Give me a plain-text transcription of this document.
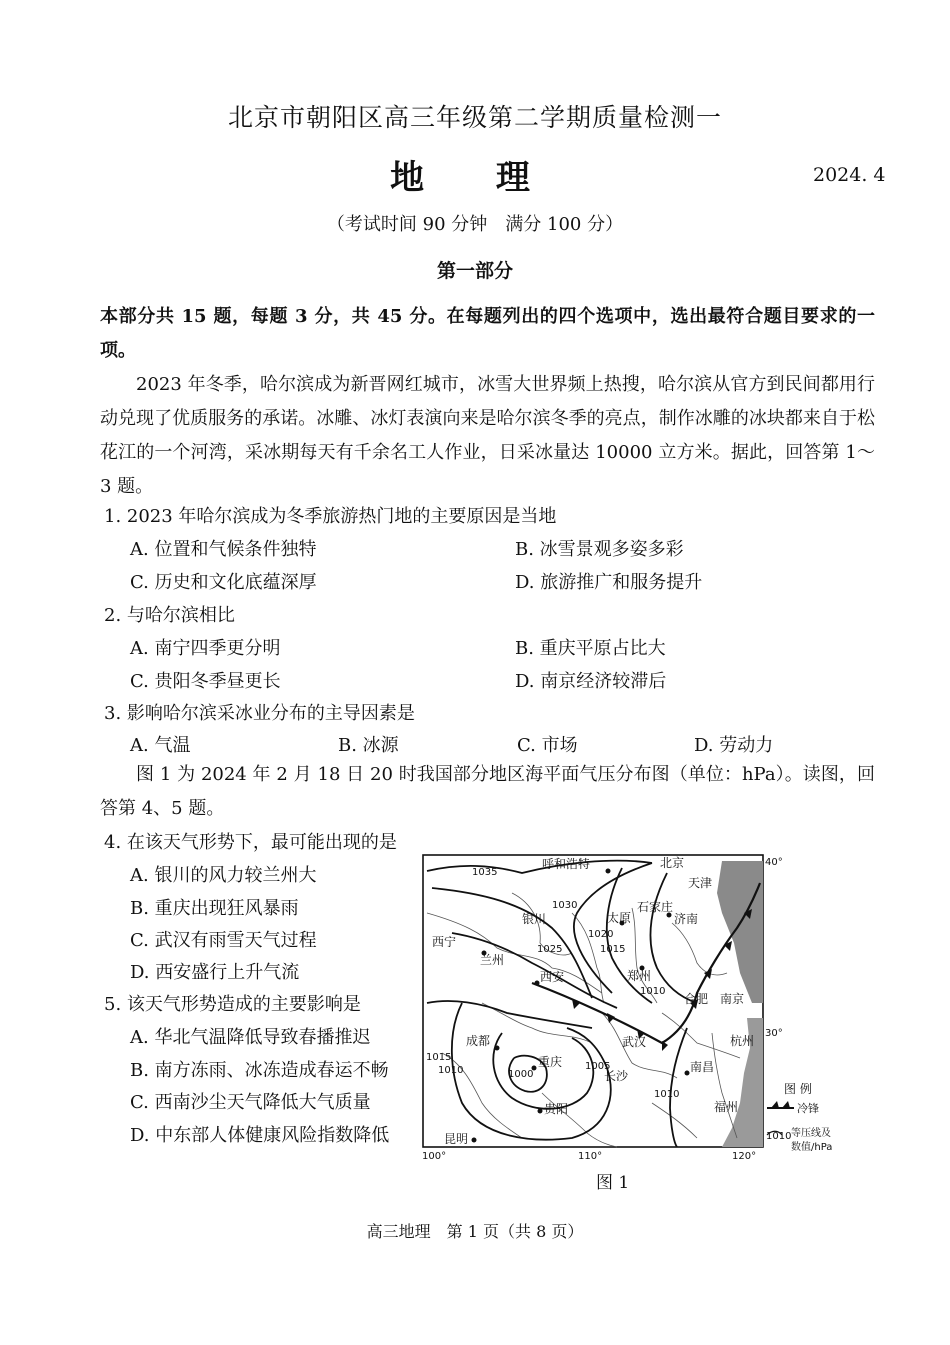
北京市朝阳区高三年级第二学期质量检测一
地 理	2024. 4
（考试时间 90 分钟　满分 100 分）
第一部分
本部分共 15 题，每题 3 分，共 45 分。在每题列出的四个选项中，选出最符合题目要求的一项。
2023 年冬季，哈尔滨成为新晋网红城市，冰雪大世界频上热搜，哈尔滨从官方到民间都用行动兑现了优质服务的承诺。冰雕、冰灯表演向来是哈尔滨冬季的亮点，制作冰雕的冰块都来自于松花江的一个河湾，采冰期每天有千余名工人作业，日采冰量达 10000 立方米。据此，回答第 1～3 题。
1. 2023 年哈尔滨成为冬季旅游热门地的主要原因是当地
A. 位置和气候条件独特	B. 冰雪景观多姿多彩
C. 历史和文化底蕴深厚	D. 旅游推广和服务提升
2. 与哈尔滨相比
A. 南宁四季更分明	B. 重庆平原占比大
C. 贵阳冬季昼更长	D. 南京经济较滞后
3. 影响哈尔滨采冰业分布的主导因素是
A. 气温	B. 冰源	C. 市场	D. 劳动力
图 1 为 2024 年 2 月 18 日 20 时我国部分地区海平面气压分布图（单位：hPa）。读图，回答第 4、5 题。
4. 在该天气形势下，最可能出现的是
A. 银川的风力较兰州大
B. 重庆出现狂风暴雨
C. 武汉有雨雪天气过程
D. 西安盛行上升气流
5. 该天气形势造成的主要影响是
A. 华北气温降低导致春播推迟
B. 南方冻雨、冰冻造成春运不畅
C. 西南沙尘天气降低大气质量
D. 中东部人体健康风险指数降低
呼和浩特	北京
天津
石家庄
银川	太原	济南
西宁
兰州
西安	郑州
合肥 南京
成都	武汉	杭州
重庆
长沙
南昌
贵阳	福州
昆明
1035
1030
1025
1020
1015
1010
1005
1000
1015
1010
1010
40°
30°
100°	110°	120°
图 例
冷锋
1010 等压线及
数值/hPa
图 1
高三地理　第 1 页（共 8 页）
